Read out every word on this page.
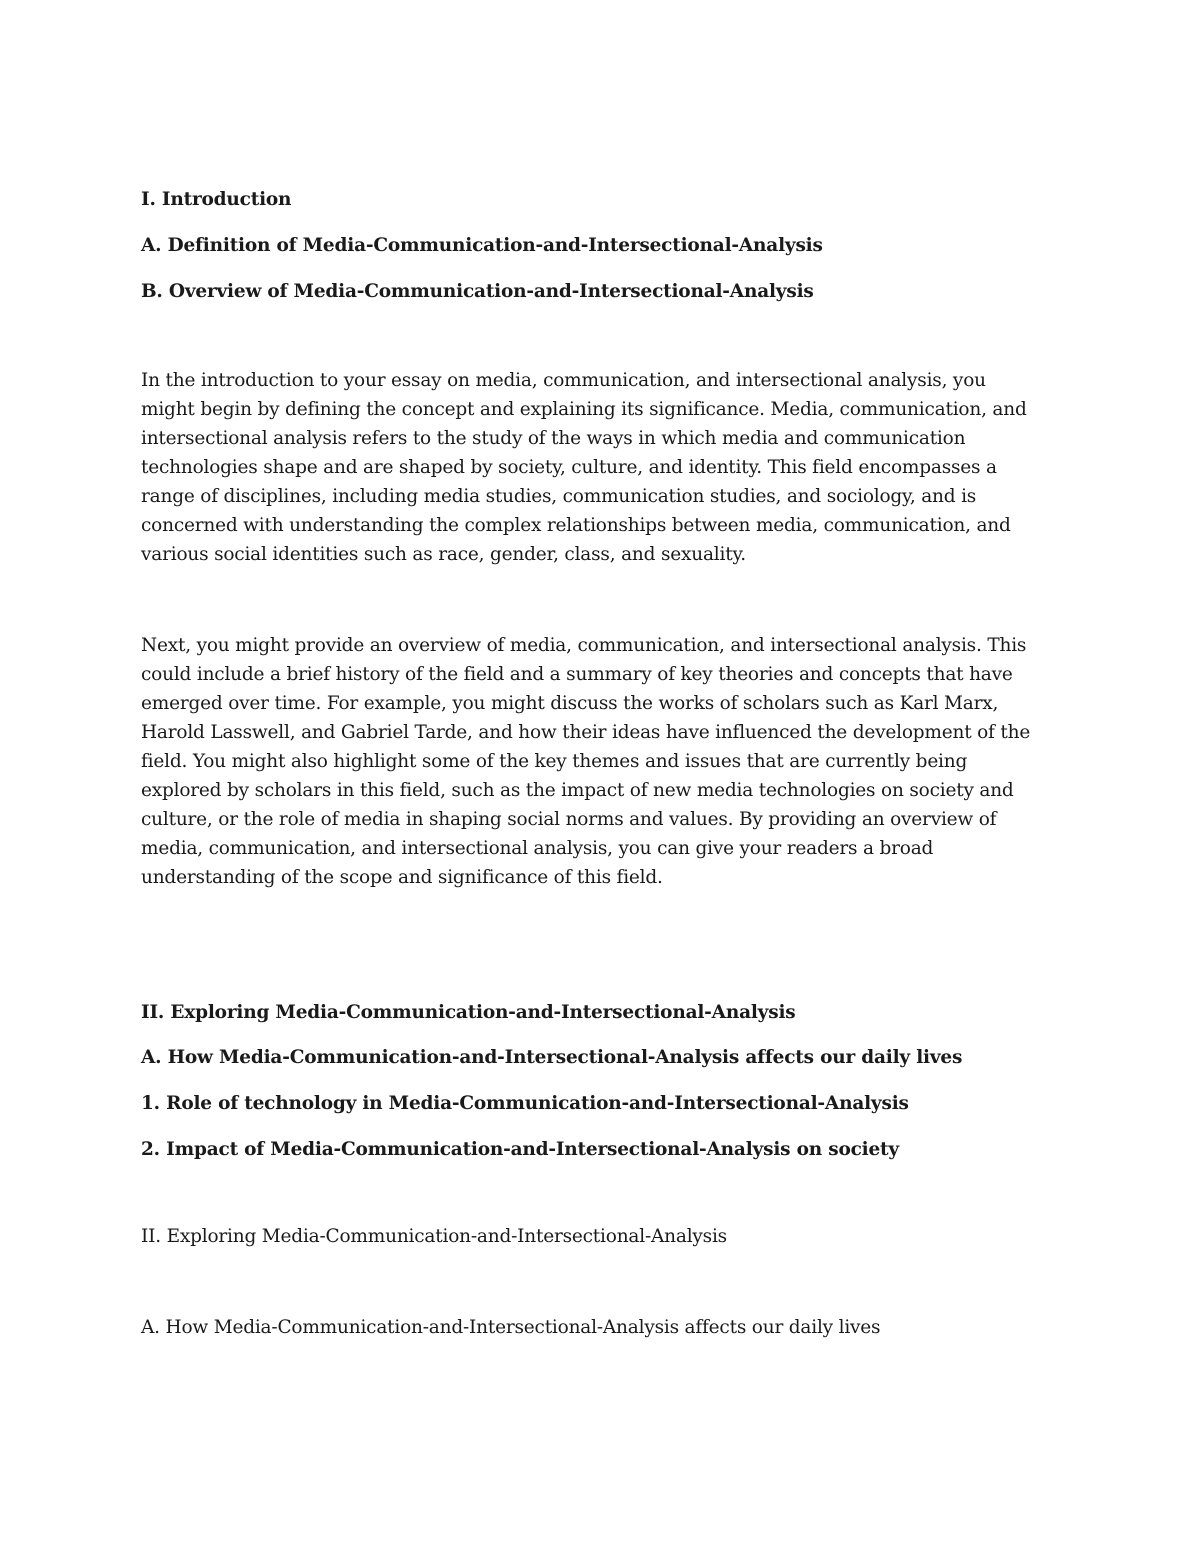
I. Introduction
A. Definition of Media-Communication-and-Intersectional-Analysis
B. Overview of Media-Communication-and-Intersectional-Analysis
In the introduction to your essay on media, communication, and intersectional analysis, you
might begin by defining the concept and explaining its significance. Media, communication, and
intersectional analysis refers to the study of the ways in which media and communication
technologies shape and are shaped by society, culture, and identity. This field encompasses a
range of disciplines, including media studies, communication studies, and sociology, and is
concerned with understanding the complex relationships between media, communication, and
various social identities such as race, gender, class, and sexuality.
Next, you might provide an overview of media, communication, and intersectional analysis. This
could include a brief history of the field and a summary of key theories and concepts that have
emerged over time. For example, you might discuss the works of scholars such as Karl Marx,
Harold Lasswell, and Gabriel Tarde, and how their ideas have influenced the development of the
field. You might also highlight some of the key themes and issues that are currently being
explored by scholars in this field, such as the impact of new media technologies on society and
culture, or the role of media in shaping social norms and values. By providing an overview of
media, communication, and intersectional analysis, you can give your readers a broad
understanding of the scope and significance of this field.
II. Exploring Media-Communication-and-Intersectional-Analysis
A. How Media-Communication-and-Intersectional-Analysis affects our daily lives
1. Role of technology in Media-Communication-and-Intersectional-Analysis
2. Impact of Media-Communication-and-Intersectional-Analysis on society
II. Exploring Media-Communication-and-Intersectional-Analysis
A. How Media-Communication-and-Intersectional-Analysis affects our daily lives
